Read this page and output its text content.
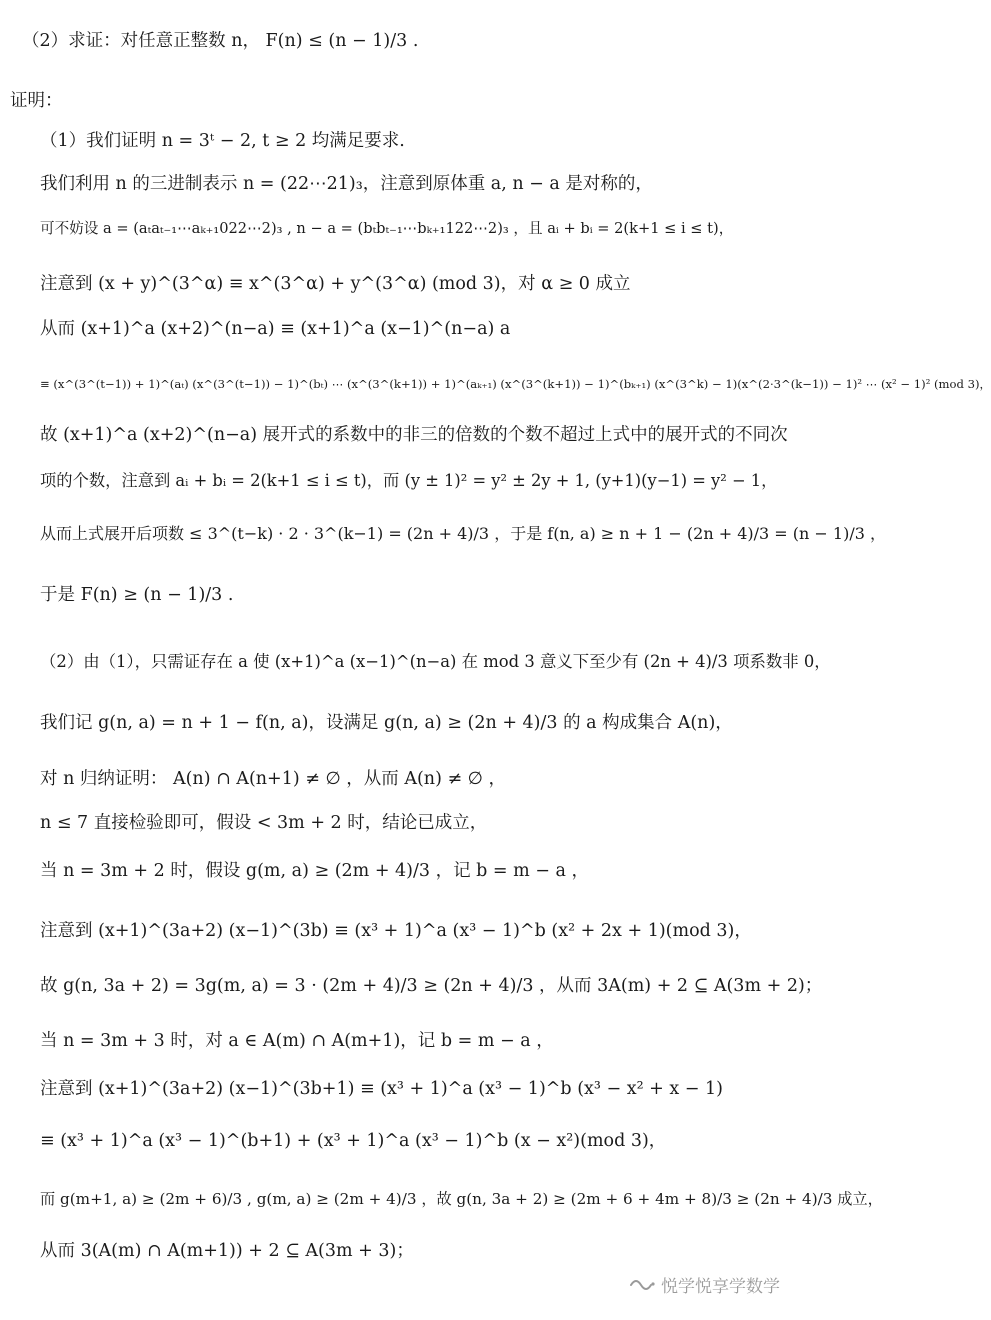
（2）求证：对任意正整数 n， F(n) ≤ (n − 1)/3 .
证明：
（1）我们证明 n = 3ᵗ − 2, t ≥ 2 均满足要求.
我们利用 n 的三进制表示 n = (22⋯21)₃，注意到原体重 a, n − a 是对称的，
可不妨设 a = (aₜaₜ₋₁⋯aₖ₊₁022⋯2)₃ , n − a = (bₜbₜ₋₁⋯bₖ₊₁122⋯2)₃ ，且 aᵢ + bᵢ = 2(k+1 ≤ i ≤ t)，
注意到 (x + y)^(3^α) ≡ x^(3^α) + y^(3^α) (mod 3)，对 α ≥ 0 成立
从而 (x+1)^a (x+2)^(n−a) ≡ (x+1)^a (x−1)^(n−a) a
≡ (x^(3^(t−1)) + 1)^(aₜ) (x^(3^(t−1)) − 1)^(bₜ) ⋯ (x^(3^(k+1)) + 1)^(aₖ₊₁) (x^(3^(k+1)) − 1)^(bₖ₊₁) (x^(3^k) − 1)(x^(2·3^(k−1)) − 1)² ⋯ (x² − 1)² (mod 3)，
故 (x+1)^a (x+2)^(n−a) 展开式的系数中的非三的倍数的个数不超过上式中的展开式的不同次
项的个数，注意到 aᵢ + bᵢ = 2(k+1 ≤ i ≤ t)，而 (y ± 1)² = y² ± 2y + 1, (y+1)(y−1) = y² − 1，
从而上式展开后项数 ≤ 3^(t−k) · 2 · 3^(k−1) = (2n + 4)/3 ，于是 f(n, a) ≥ n + 1 − (2n + 4)/3 = (n − 1)/3 ，
于是 F(n) ≥ (n − 1)/3 .
（2）由（1），只需证存在 a 使 (x+1)^a (x−1)^(n−a) 在 mod 3 意义下至少有 (2n + 4)/3 项系数非 0，
我们记 g(n, a) = n + 1 − f(n, a)，设满足 g(n, a) ≥ (2n + 4)/3 的 a 构成集合 A(n)，
对 n 归纳证明： A(n) ∩ A(n+1) ≠ ∅ ，从而 A(n) ≠ ∅ ，
n ≤ 7 直接检验即可，假设 < 3m + 2 时，结论已成立，
当 n = 3m + 2 时，假设 g(m, a) ≥ (2m + 4)/3 ，记 b = m − a ，
注意到 (x+1)^(3a+2) (x−1)^(3b) ≡ (x³ + 1)^a (x³ − 1)^b (x² + 2x + 1)(mod 3)，
故 g(n, 3a + 2) = 3g(m, a) = 3 · (2m + 4)/3 ≥ (2n + 4)/3 ，从而 3A(m) + 2 ⊆ A(3m + 2)；
当 n = 3m + 3 时，对 a ∈ A(m) ∩ A(m+1)，记 b = m − a ，
注意到 (x+1)^(3a+2) (x−1)^(3b+1) ≡ (x³ + 1)^a (x³ − 1)^b (x³ − x² + x − 1)
≡ (x³ + 1)^a (x³ − 1)^(b+1) + (x³ + 1)^a (x³ − 1)^b (x − x²)(mod 3)，
而 g(m+1, a) ≥ (2m + 6)/3 , g(m, a) ≥ (2m + 4)/3 ，故 g(n, 3a + 2) ≥ (2m + 6 + 4m + 8)/3 ≥ (2n + 4)/3 成立，
从而 3(A(m) ∩ A(m+1)) + 2 ⊆ A(3m + 3)；
悦学悦享学数学
